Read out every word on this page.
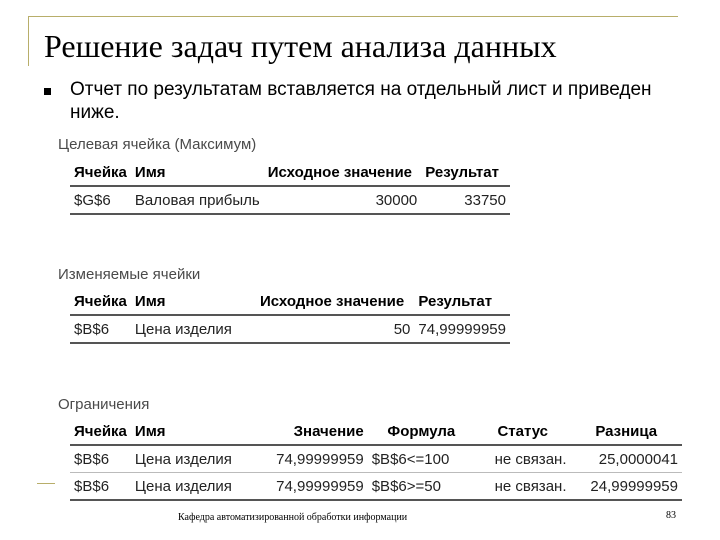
Решение задач путем анализа данных
Отчет по результатам вставляется на отдельный лист и приведен ниже.
Целевая ячейка (Максимум)
Ячейка	Имя	Исходное значение	Результат
$G$6	Валовая прибыль	30000	33750
Изменяемые ячейки
Ячейка	Имя	Исходное значение	Результат
$B$6	Цена изделия	50	74,99999959
Ограничения
Ячейка	Имя	Значение	Формула	Статус	Разница
$B$6	Цена изделия	74,99999959	$B$6<=100	не связан.	25,0000041
$B$6	Цена изделия	74,99999959	$B$6>=50	не связан.	24,99999959
Кафедра автоматизированной обработки информации	83
